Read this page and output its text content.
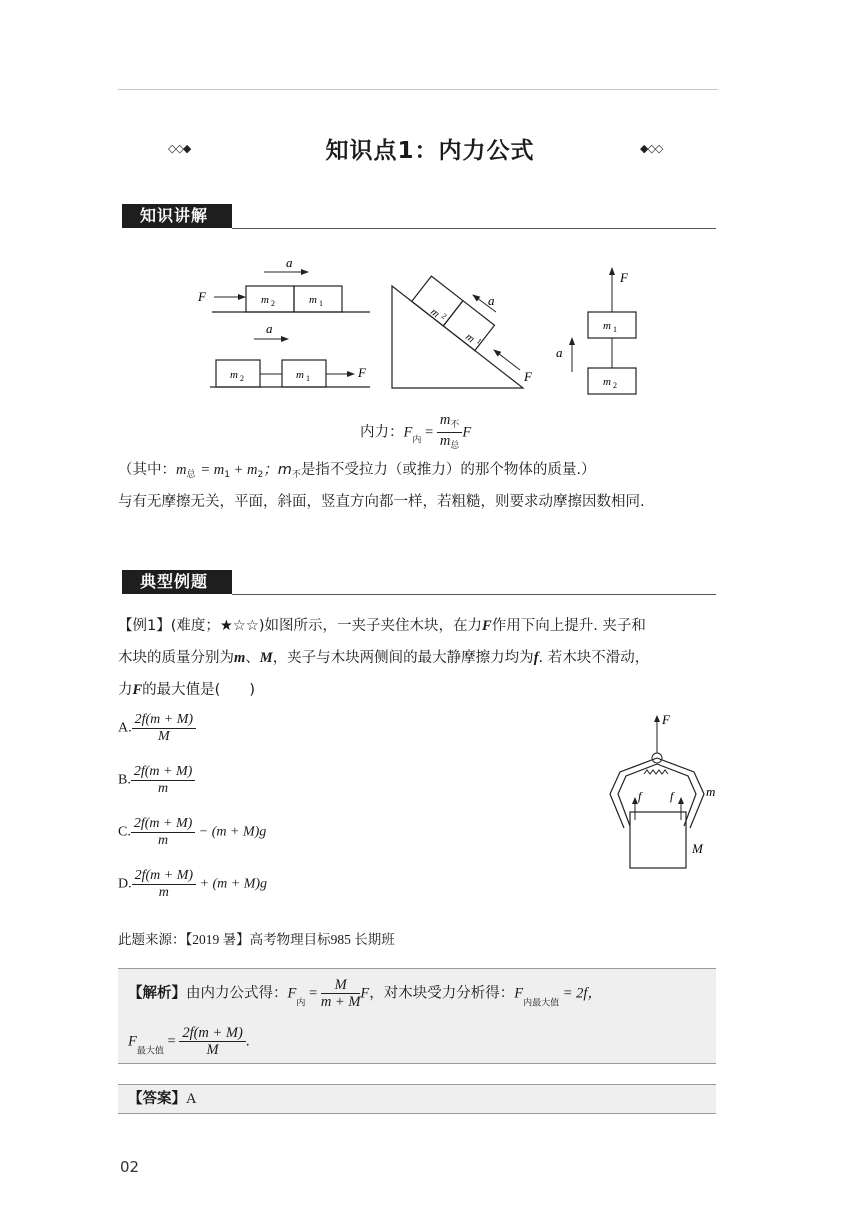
◇◇◆	知识点1：内力公式	◆◇◇
知识讲解
F
a
m 2	m 1
a
F
m 2	m 1
m
2
m
1
a
F
F
m 1
m 2
a
内力：$F_内 = \frac{m_不}{m_总}$ F
（其中：$m_总$  = $m_1 + m_2$；$m_不$是指不受拉力（或推力）的那个物体的质量.）
与有无摩擦无关，平面，斜面，竖直方向都一样，若粗糙，则要求动摩擦因数相同.
典型例题
【例1】(难度；★☆☆)如图所示，一夹子夹住木块，在力F作用下向上提升. 夹子和
木块的质量分别为m、M，夹子与木块两侧间的最大静摩擦力均为f. 若木块不滑动，
力F的最大值是(　　)
A. $\frac{2f(m + M)}{M}$
B. $\frac{2f(m + M)}{m}$
C. $\frac{2f(m + M)}{m} - (m + M)g$
D. $\frac{2f(m + M)}{m} + (m + M)g$
F
f f	m
M
此题来源：【2019 暑】高考物理目标985 长期班
【解析】由内力公式得：$F_内 = \frac{M}{m + M}$ F，对木块受力分析得：$F_{内最大值} = 2f$，
$F_{最大值} = \frac{2f(m + M)}{M}$ .
【答案】A
02
